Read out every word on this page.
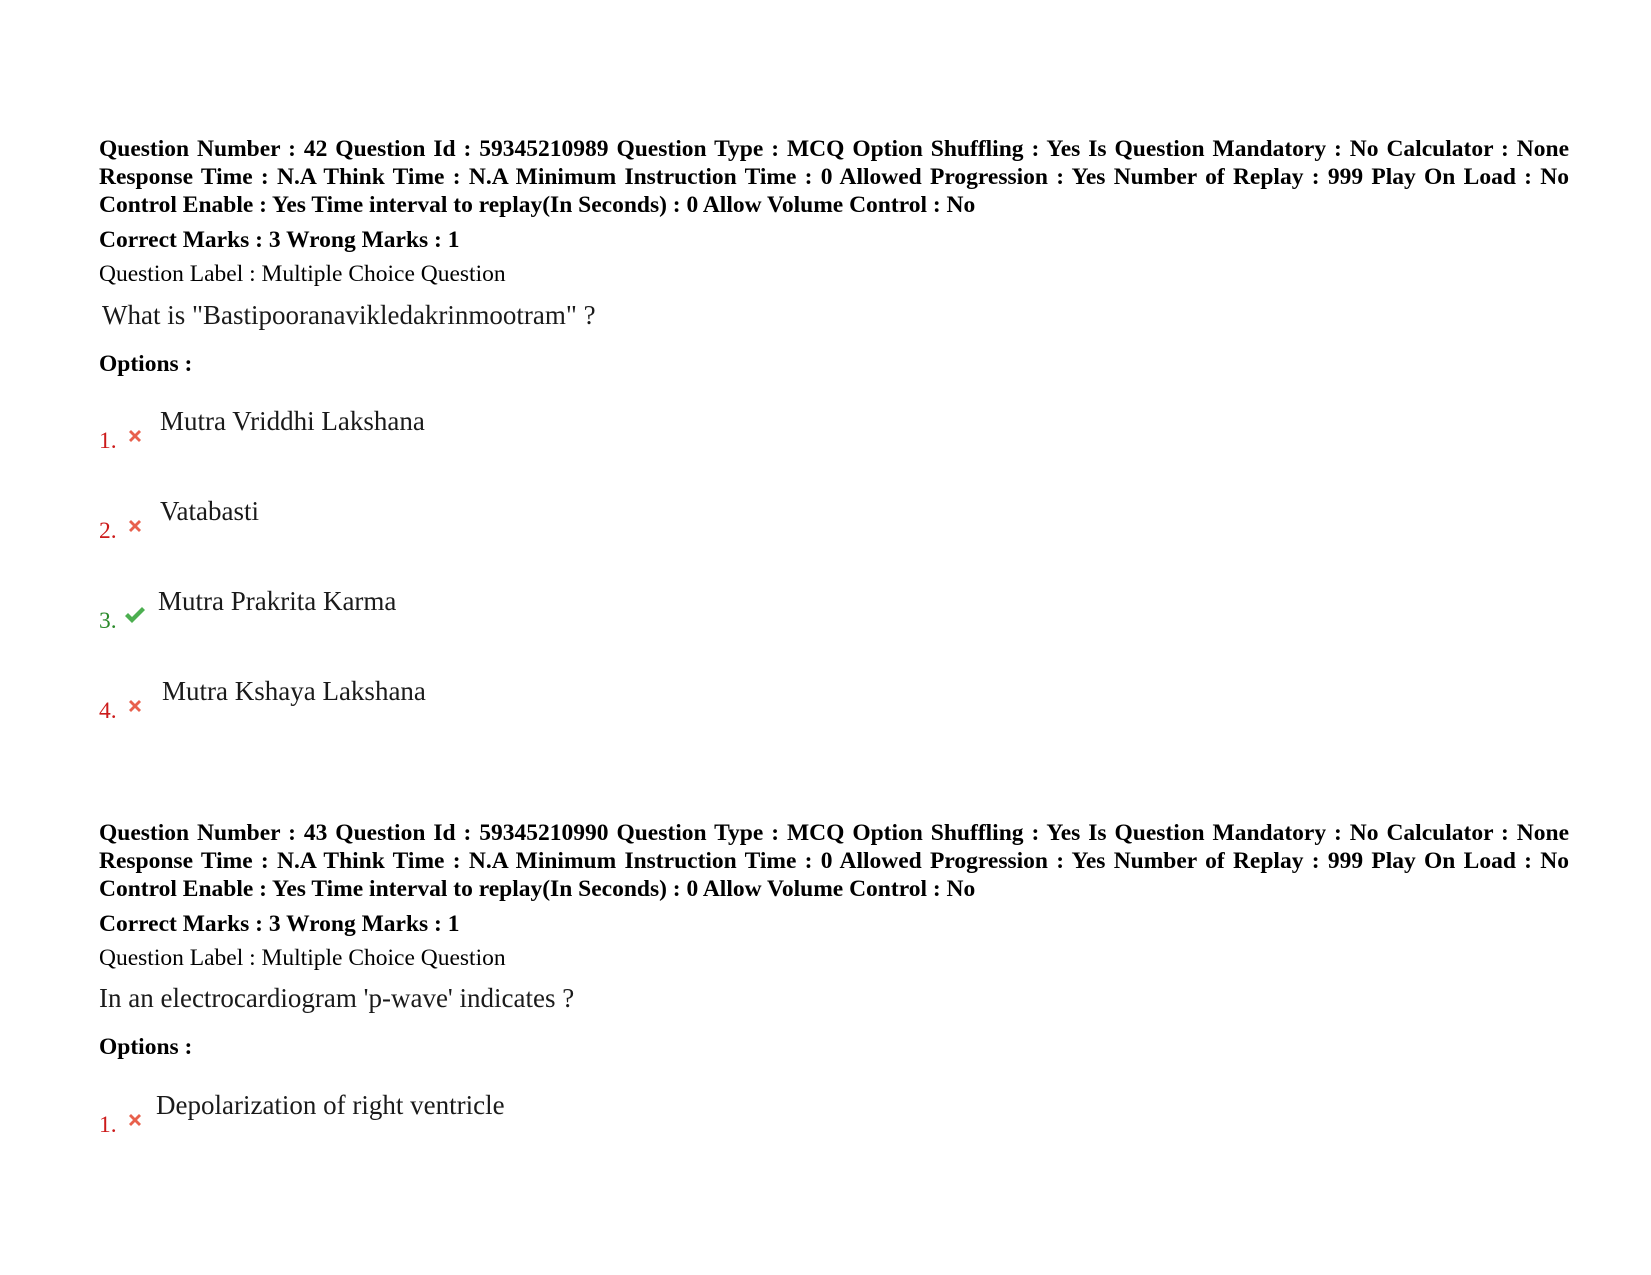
Question Number : 42 Question Id : 59345210989 Question Type : MCQ Option Shuffling : Yes Is Question Mandatory : No Calculator : None Response Time : N.A Think Time : N.A Minimum Instruction Time : 0 Allowed Progression : Yes Number of Replay : 999 Play On Load : No Control Enable : Yes Time interval to replay(In Seconds) : 0 Allow Volume Control : No

Correct Marks : 3 Wrong Marks : 1
Question Label : Multiple Choice Question
What is "Bastipooranavikledakrinmootram" ?
Options :
1.
Mutra Vriddhi Lakshana
2.
Vatabasti
3.
Mutra Prakrita Karma
4.
Mutra Kshaya Lakshana

Question Number : 43 Question Id : 59345210990 Question Type : MCQ Option Shuffling : Yes Is Question Mandatory : No Calculator : None Response Time : N.A Think Time : N.A Minimum Instruction Time : 0 Allowed Progression : Yes Number of Replay : 999 Play On Load : No Control Enable : Yes Time interval to replay(In Seconds) : 0 Allow Volume Control : No

Correct Marks : 3 Wrong Marks : 1
Question Label : Multiple Choice Question
In an electrocardiogram 'p-wave' indicates ?
Options :
1.
Depolarization of right ventricle
